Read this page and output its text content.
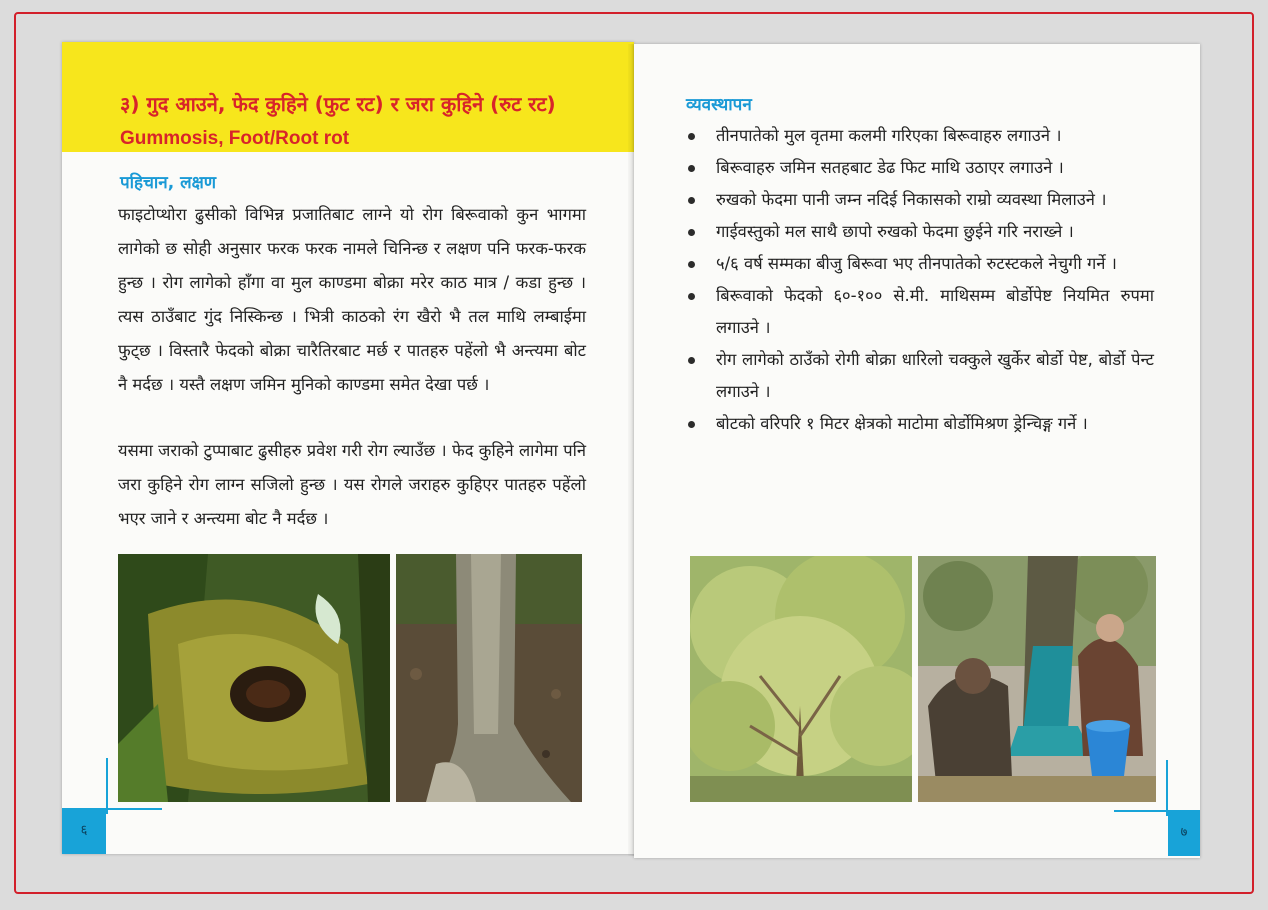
३) गुद आउने, फेद कुहिने (फुट रट) र जरा कुहिने (रुट रट)
Gummosis, Foot/Root rot
पहिचान, लक्षण

फाइटोप्थोरा ढुसीको विभिन्न प्रजातिबाट लाग्ने यो रोग बिरूवाको कुन भागमा लागेको छ सोही अनुसार फरक फरक नामले चिनिन्छ र लक्षण पनि फरक-फरक हुन्छ । रोग लागेको हाँगा वा मुल काण्डमा बोक्रा मरेर काठ मात्र / कडा हुन्छ । त्यस ठाउँबाट गुंद निस्किन्छ । भित्री काठको रंग खैरो भै तल माथि लम्बाईमा फुट्छ । विस्तारै फेदको बोक्रा चारैतिरबाट मर्छ र पातहरु पहेंलो भै अन्त्यमा बोट नै मर्दछ । यस्तै लक्षण जमिन मुनिको काण्डमा समेत देखा पर्छ ।

यसमा जराको टुप्पाबाट ढुसीहरु प्रवेश गरी रोग ल्याउँछ । फेद कुहिने लागेमा पनि जरा कुहिने रोग लाग्न सजिलो हुन्छ । यस रोगले जराहरु कुहिएर पातहरु पहेंलो भएर जाने र अन्त्यमा बोट नै मर्दछ ।

६
व्यवस्थापन
तीनपातेको मुल वृतमा कलमी गरिएका बिरूवाहरु लगाउने ।
बिरूवाहरु जमिन सतहबाट डेढ फिट माथि उठाएर लगाउने ।
रुखको फेदमा पानी जम्न नदिई निकासको राम्रो व्यवस्था मिलाउने ।
गाईवस्तुको मल साथै छापो रुखको फेदमा छुईने गरि नराख्ने ।
५/६ वर्ष सम्मका बीजु बिरूवा भए तीनपातेको रुटस्टकले नेचुगी गर्ने ।
बिरूवाको फेदको ६०-१०० से.मी. माथिसम्म बोर्डोपेष्ट नियमित रुपमा लगाउने ।
रोग लागेको ठाउँको रोगी बोक्रा धारिलो चक्कुले खुर्केर बोर्डो पेष्ट, बोर्डो पेन्ट लगाउने ।
बोटको वरिपरि १ मिटर क्षेत्रको माटोमा बोर्डोमिश्रण ड्रेन्चिङ्ग गर्ने ।
७
